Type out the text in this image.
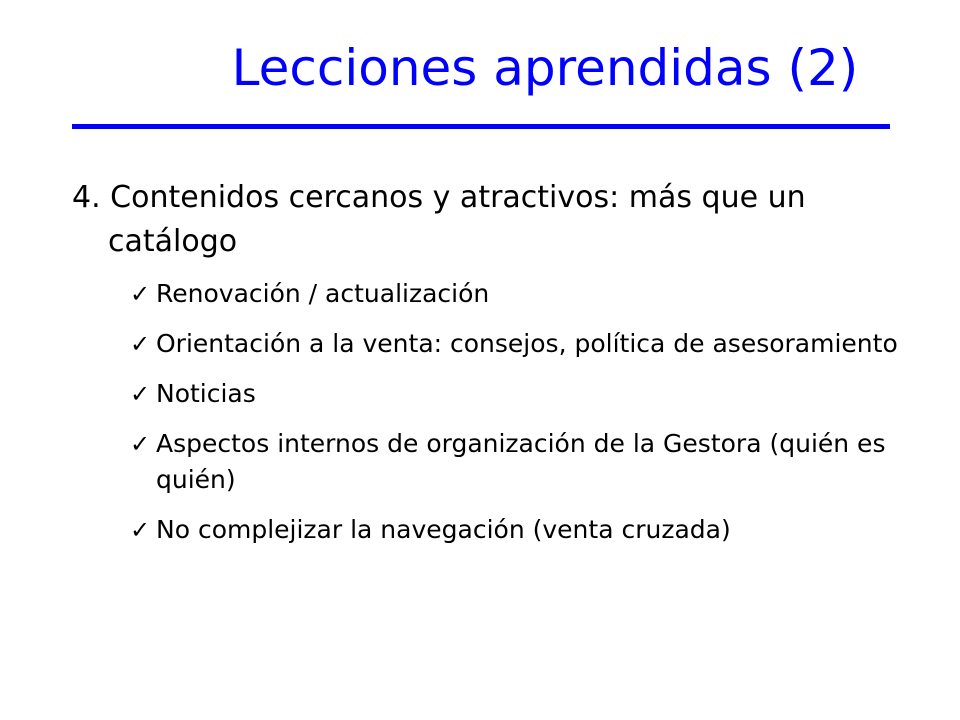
Lecciones aprendidas (2)
4. Contenidos cercanos y atractivos: más que un catálogo
✓ Renovación / actualización
✓ Orientación a la venta: consejos, política de asesoramiento
✓ Noticias
✓ Aspectos internos de organización de la Gestora (quién es quién)
✓ No complejizar la navegación (venta cruzada)
